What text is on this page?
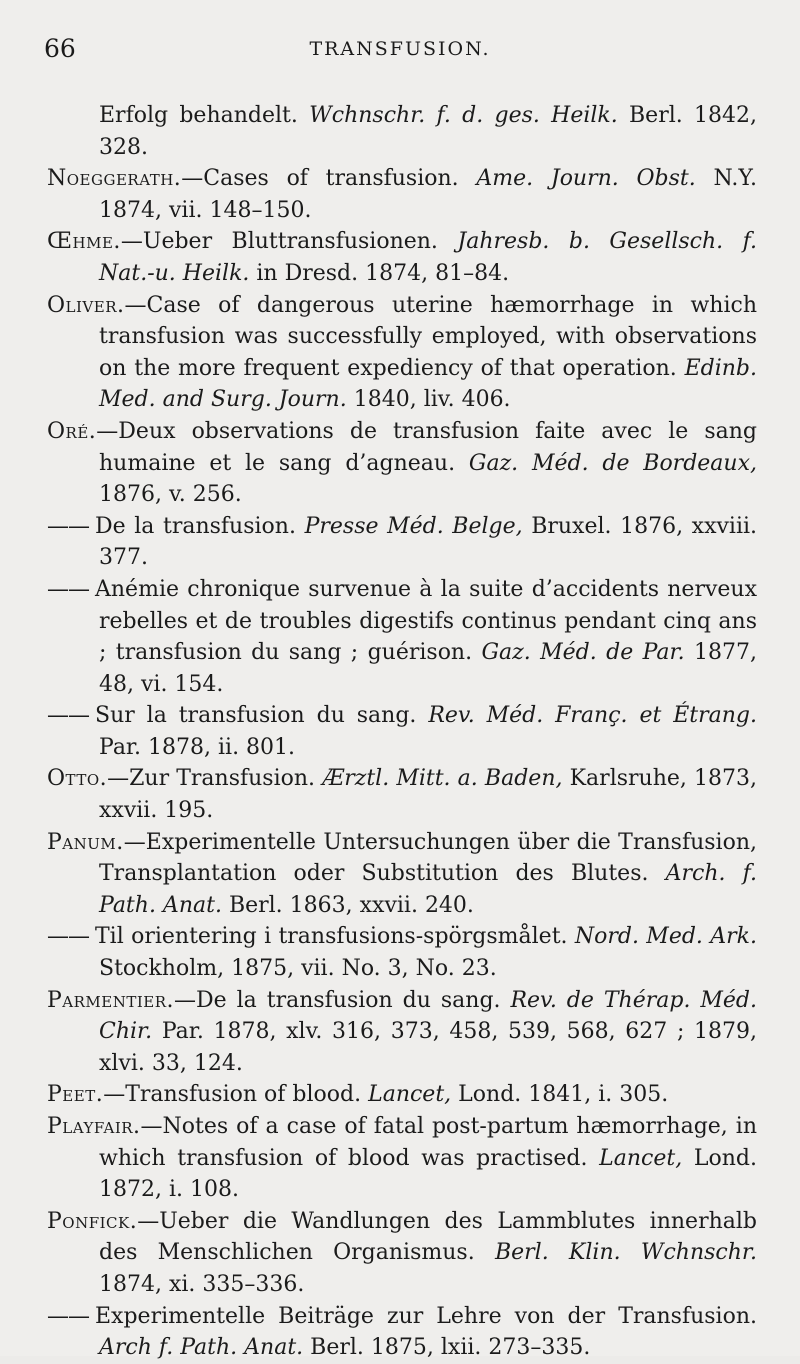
66	TRANSFUSION.

Erfolg behandelt. Wchnschr. f. d. ges. Heilk. Berl. 1842, 328.

Noeggerath.—Cases of transfusion. Ame. Journ. Obst. N.Y. 1874, vii. 148–150.

Œhme.—Ueber Bluttransfusionen. Jahresb. b. Gesellsch. f. Nat.-u. Heilk. in Dresd. 1874, 81–84.

Oliver.—Case of dangerous uterine hæmorrhage in which transfusion was successfully employed, with observations on the more frequent expediency of that operation. Edinb. Med. and Surg. Journ. 1840, liv. 406.

Oré.—Deux observations de transfusion faite avec le sang humaine et le sang d’agneau. Gaz. Méd. de Bordeaux, 1876, v. 256.

—— De la transfusion. Presse Méd. Belge, Bruxel. 1876, xxviii. 377.

—— Anémie chronique survenue à la suite d’accidents nerveux rebelles et de troubles digestifs continus pendant cinq ans ; transfusion du sang ; guérison. Gaz. Méd. de Par. 1877, 48, vi. 154.

—— Sur la transfusion du sang. Rev. Méd. Franç. et Étrang. Par. 1878, ii. 801.

Otto.—Zur Transfusion. Ærztl. Mitt. a. Baden, Karlsruhe, 1873, xxvii. 195.

Panum.—Experimentelle Untersuchungen über die Transfusion, Transplantation oder Substitution des Blutes. Arch. f. Path. Anat. Berl. 1863, xxvii. 240.

—— Til orientering i transfusions-spörgsmålet. Nord. Med. Ark. Stockholm, 1875, vii. No. 3, No. 23.

Parmentier.—De la transfusion du sang. Rev. de Thérap. Méd. Chir. Par. 1878, xlv. 316, 373, 458, 539, 568, 627 ; 1879, xlvi. 33, 124.

Peet.—Transfusion of blood. Lancet, Lond. 1841, i. 305.

Playfair.—Notes of a case of fatal post-partum hæmorrhage, in which transfusion of blood was practised. Lancet, Lond. 1872, i. 108.

Ponfick.—Ueber die Wandlungen des Lammblutes innerhalb des Menschlichen Organismus. Berl. Klin. Wchnschr. 1874, xi. 335–336.

—— Experimentelle Beiträge zur Lehre von der Transfusion. Arch f. Path. Anat. Berl. 1875, lxii. 273–335.
